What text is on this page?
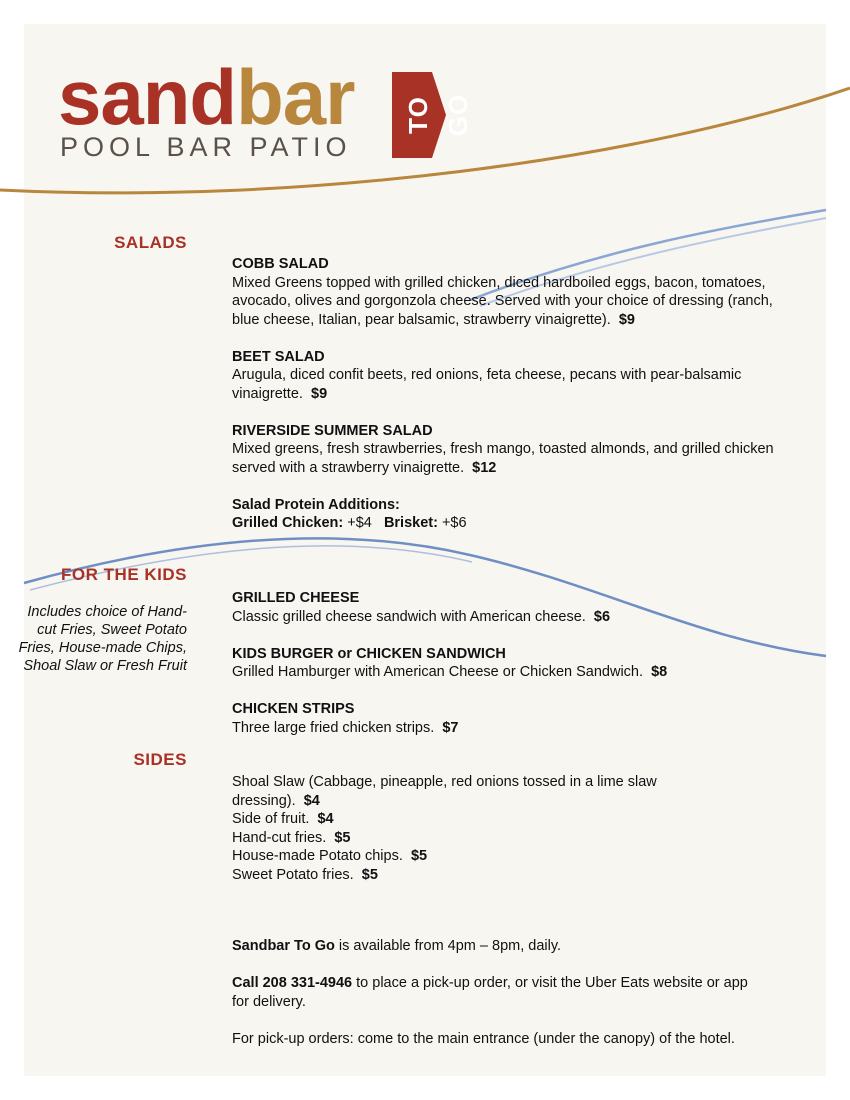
sandbar
POOL BAR PATIO
TO GO
SALADS

COBB SALAD

Mixed Greens topped with grilled chicken, diced hardboiled eggs, bacon, tomatoes, avocado, olives and gorgonzola cheese. Served with your choice of dressing (ranch, blue cheese, Italian, pear balsamic, strawberry vinaigrette). $9

BEET SALAD

Arugula, diced confit beets, red onions, feta cheese, pecans with pear-balsamic vinaigrette. $9

RIVERSIDE SUMMER SALAD

Mixed greens, fresh strawberries, fresh mango, toasted almonds, and grilled chicken served with a strawberry vinaigrette. $12

Salad Protein Additions:

Grilled Chicken: +$4 Brisket: +$6

FOR THE KIDS
Includes choice of Hand-cut Fries, Sweet Potato Fries, House-made Chips, Shoal Slaw or Fresh Fruit

GRILLED CHEESE

Classic grilled cheese sandwich with American cheese. $6

KIDS BURGER or CHICKEN SANDWICH

Grilled Hamburger with American Cheese or Chicken Sandwich. $8

CHICKEN STRIPS

Three large fried chicken strips. $7

SIDES

Shoal Slaw (Cabbage, pineapple, red onions tossed in a lime slaw dressing). $4

Side of fruit. $4

Hand-cut fries. $5

House-made Potato chips. $5

Sweet Potato fries. $5

Sandbar To Go is available from 4pm – 8pm, daily.

Call 208 331-4946 to place a pick-up order, or visit the Uber Eats website or app for delivery.

For pick-up orders: come to the main entrance (under the canopy) of the hotel.
